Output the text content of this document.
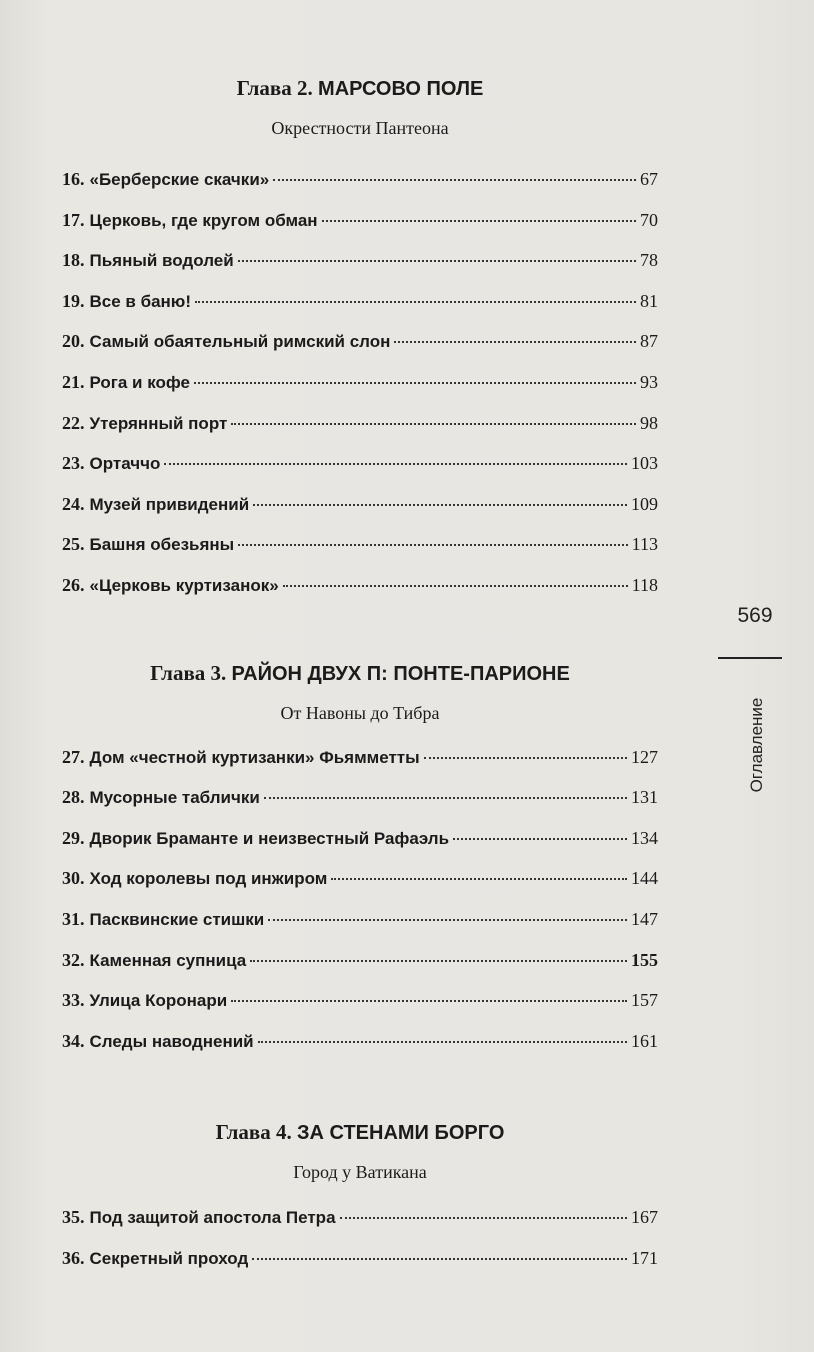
Глава 2. МАРСОВО ПОЛЕ

Окрестности Пантеона

16. «Берберские скачки»	67
17. Церковь, где кругом обман	70
18. Пьяный водолей	78
19. Все в баню!	81
20. Самый обаятельный римский слон	87
21. Рога и кофе	93
22. Утерянный порт	98
23. Ортаччо	103
24. Музей привидений	109
25. Башня обезьяны	113
26. «Церковь куртизанок»	118
Глава 3. РАЙОН ДВУХ П: ПОНТЕ-ПАРИОНЕ

От Навоны до Тибра

27. Дом «честной куртизанки» Фьямметты	127
28. Мусорные таблички	131
29. Дворик Браманте и неизвестный Рафаэль	134
30. Ход королевы под инжиром	144
31. Пасквинские стишки	147
32. Каменная супница	155
33. Улица Коронари	157
34. Следы наводнений	161
Глава 4. ЗА СТЕНАМИ БОРГО

Город у Ватикана

35. Под защитой апостола Петра	167
36. Секретный проход	171
569
Оглавление
